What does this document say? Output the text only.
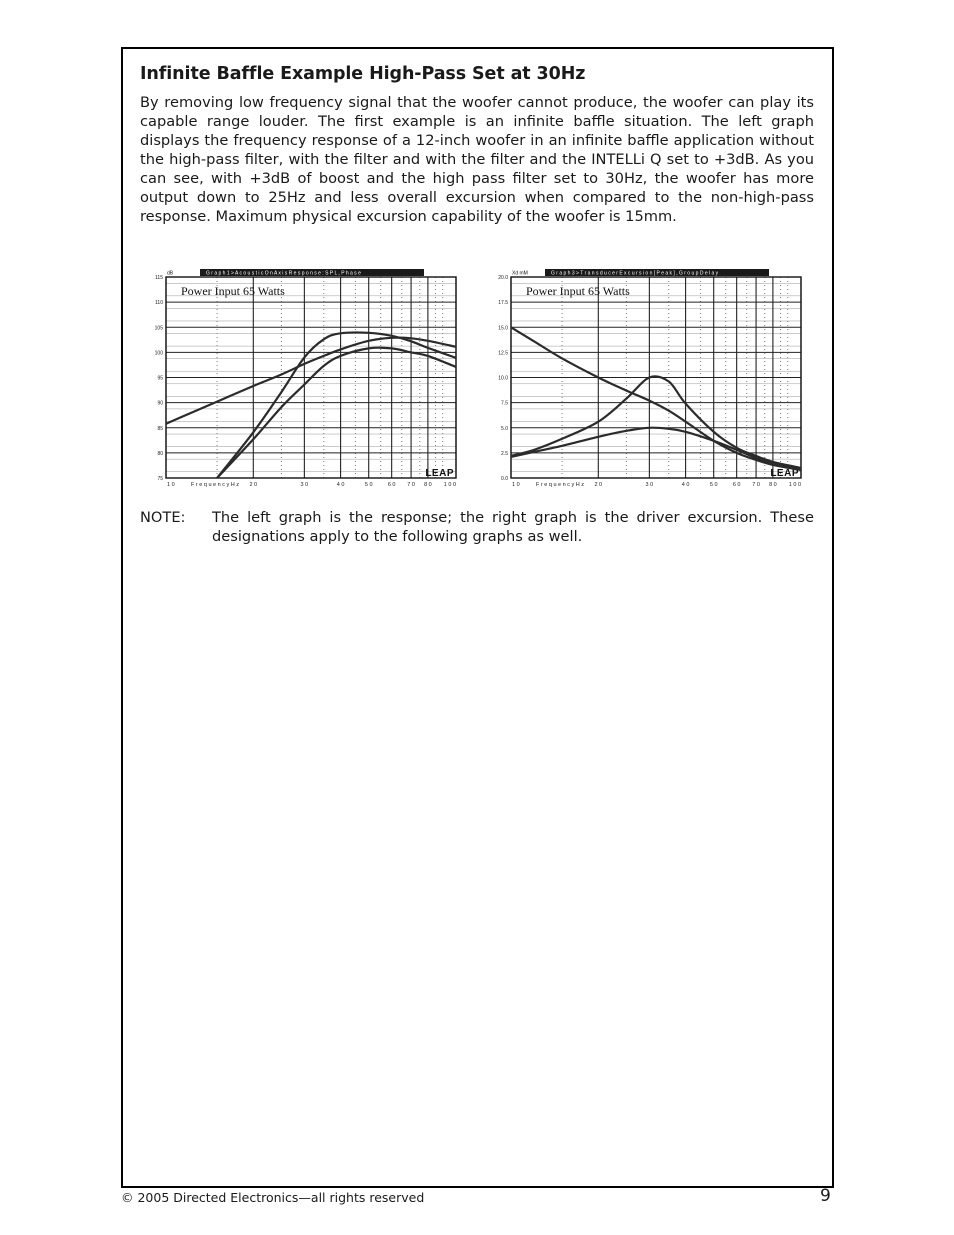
Infinite Baffle Example High-Pass Set at 30Hz

By removing low frequency signal that the woofer cannot produce, the woofer can play its capable range louder. The first example is an infinite baffle situation. The left graph displays the frequency response of a 12-inch woofer in an infinite baffle application without the high-pass filter, with the filter and with the filter and the INTELLi Q set to +3dB. As you can see, with +3dB of boost and the high pass filter set to 30Hz, the woofer has more output down to 25Hz and less overall excursion when compared to the non-high-pass response. Maximum physical excursion capability of the woofer is 15mm.

115
110
105
100
95
90
85
80
75
1 0	2 0	3 0	4 0	5 0	6 0 7 0 8 0 1 0 0
F r e q u e n c y H z
G r a p h 1 > A c o u s t i c O n A x i s R e s p o n s e : S P L , P h a s e
dB
Power Input 65 Watts
LEAP
20.0
17.5
15.0
12.5
10.0
7.5
5.0
2.5
0.0
1 0	2 0	3 0	4 0	5 0	6 0 7 0 8 0 1 0 0
F r e q u e n c y H z
G r a p h 3 > T r a n s d u c e r E x c u r s i o n [ P e a k ] , G r o u p D e l a y
Xd mM
Power Input 65 Watts
LEAP
NOTE: The left graph is the response; the right graph is the driver excursion. These designations apply to the following graphs as well.

© 2005 Directed Electronics—all rights reserved	9
